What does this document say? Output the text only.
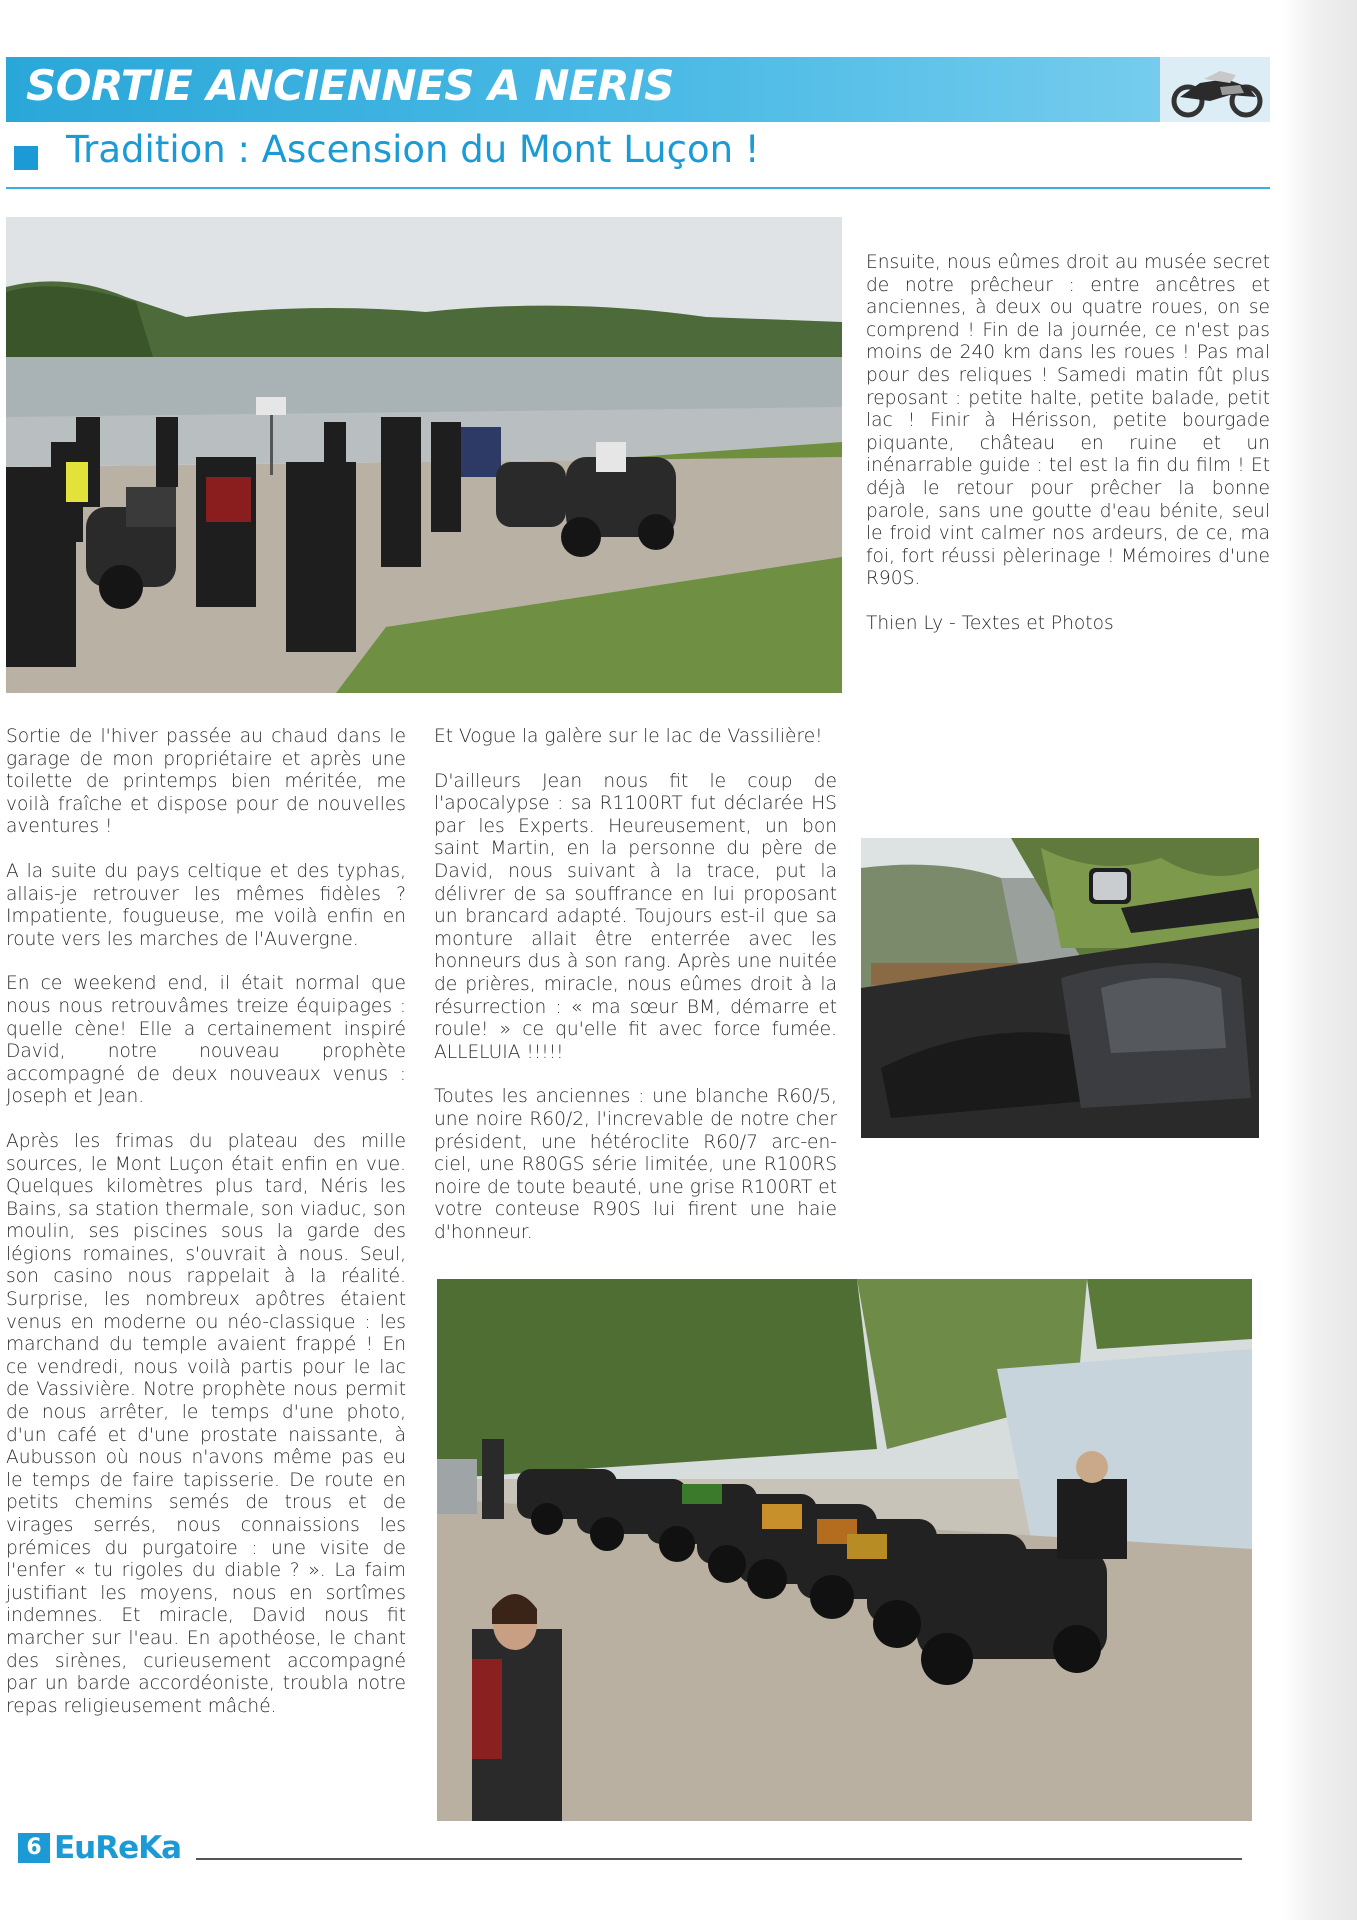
SORTIE ANCIENNES A NERIS
Tradition : Ascension du Mont Luçon !

Sortie de l'hiver passée au chaud dans le garage de mon propriétaire et après une toilette de printemps bien méritée, me voilà fraîche et dispose pour de nouvelles aventures !

A la suite du pays celtique et des typhas, allais-je retrouver les mêmes fidèles ? Impatiente, fougueuse, me voilà enfin en route vers les marches de l'Auvergne.

En ce weekend end, il était normal que nous nous retrouvâmes treize équipages : quelle cène! Elle a certainement inspiré David, notre nouveau prophète accompagné de deux nouveaux venus : Joseph et Jean.

Après les frimas du plateau des mille sources, le Mont Luçon était enfin en vue. Quelques kilomètres plus tard, Néris les Bains, sa station thermale, son viaduc, son moulin, ses piscines sous la garde des légions romaines, s'ouvrait à nous. Seul, son casino nous rappelait à la réalité. Surprise, les nombreux apôtres étaient venus en moderne ou néo-classique : les marchand du temple avaient frappé ! En ce vendredi, nous voilà partis pour le lac de Vassivière. Notre prophète nous permit de nous arrêter, le temps d'une photo, d'un café et d'une prostate naissante, à Aubusson où nous n'avons même pas eu le temps de faire tapisserie. De route en petits chemins semés de trous et de virages serrés, nous connaissions les prémices du purgatoire : une visite de l'enfer « tu rigoles du diable ? ». La faim justifiant les moyens, nous en sortîmes indemnes. Et miracle, David nous fit marcher sur l'eau. En apothéose, le chant des sirènes, curieusement accompagné par un barde accordéoniste, troubla notre repas religieusement mâché.

Et Vogue la galère sur le lac de Vassilière!

D'ailleurs Jean nous fit le coup de l'apocalypse : sa R1100RT fut déclarée HS par les Experts. Heureusement, un bon saint Martin, en la personne du père de David, nous suivant à la trace, put la délivrer de sa souffrance en lui proposant un brancard adapté. Toujours est-il que sa monture allait être enterrée avec les honneurs dus à son rang. Après une nuitée de prières, miracle, nous eûmes droit à la résurrection : « ma sœur BM, démarre et roule! » ce qu'elle fit avec force fumée. ALLELUIA !!!!!

Toutes les anciennes : une blanche R60/5, une noire R60/2, l'increvable de notre cher président, une hétéroclite R60/7 arc-en-ciel, une R80GS série limitée, une R100RS noire de toute beauté, une grise R100RT et votre conteuse R90S lui firent une haie d'honneur.

Ensuite, nous eûmes droit au musée secret de notre prêcheur : entre ancêtres et anciennes, à deux ou quatre roues, on se comprend ! Fin de la journée, ce n'est pas moins de 240 km dans les roues ! Pas mal pour des reliques ! Samedi matin fût plus reposant : petite halte, petite balade, petit lac ! Finir à Hérisson, petite bourgade piquante, château en ruine et un inénarrable guide : tel est la fin du film ! Et déjà le retour pour prêcher la bonne parole, sans une goutte d'eau bénite, seul le froid vint calmer nos ardeurs, de ce, ma foi, fort réussi pèlerinage ! Mémoires d'une R90S.

Thien Ly - Textes et Photos

6 EuReKa
